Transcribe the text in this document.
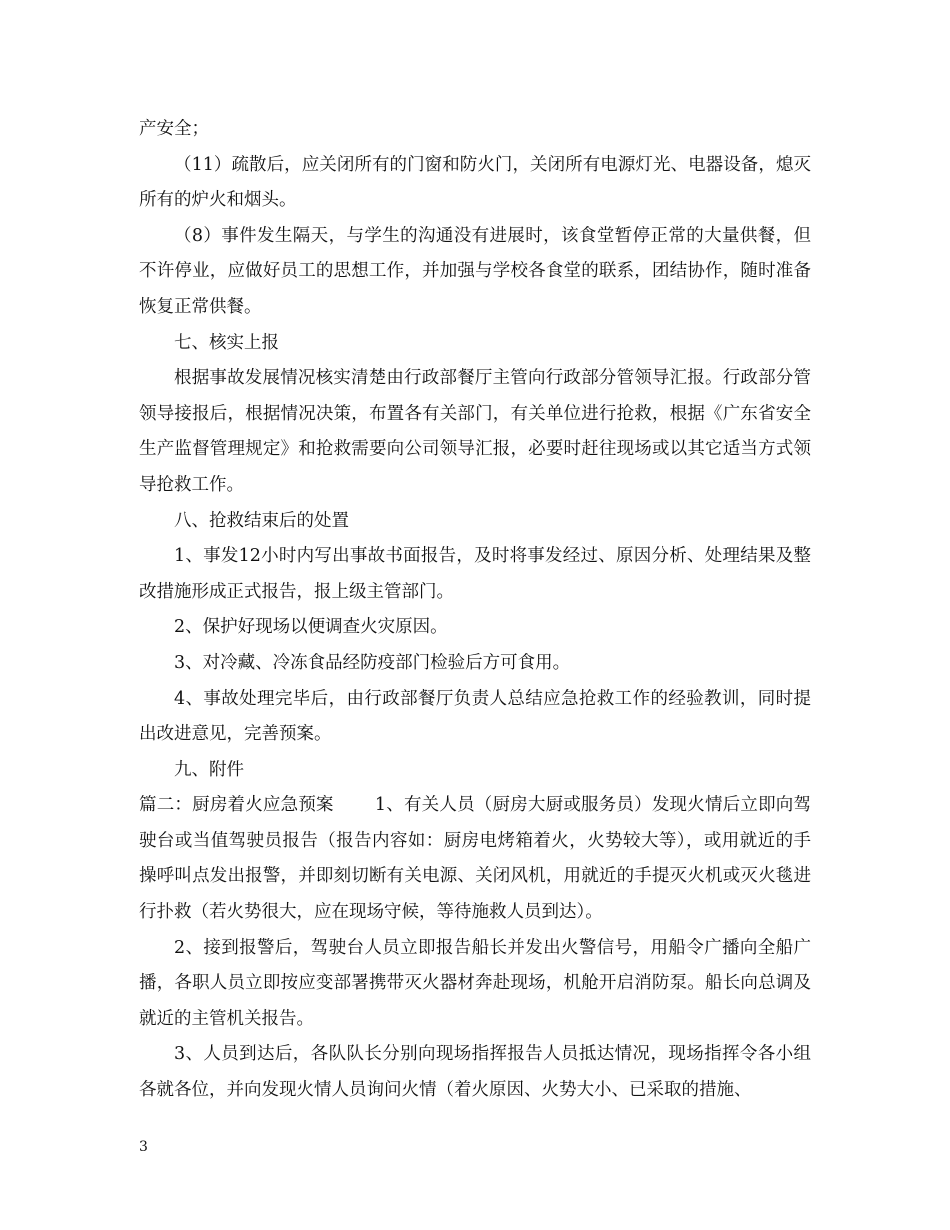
产安全；

（11）疏散后，应关闭所有的门窗和防火门，关闭所有电源灯光、电器设备，熄灭所有的炉火和烟头。

（8）事件发生隔天，与学生的沟通没有进展时，该食堂暂停正常的大量供餐，但不许停业，应做好员工的思想工作，并加强与学校各食堂的联系，团结协作，随时准备恢复正常供餐。

七、核实上报

根据事故发展情况核实清楚由行政部餐厅主管向行政部分管领导汇报。行政部分管领导接报后，根据情况决策，布置各有关部门，有关单位进行抢救，根据《广东省安全生产监督管理规定》和抢救需要向公司领导汇报，必要时赶往现场或以其它适当方式领导抢救工作。

八、抢救结束后的处置

1、事发12小时内写出事故书面报告，及时将事发经过、原因分析、处理结果及整改措施形成正式报告，报上级主管部门。

2、保护好现场以便调查火灾原因。

3、对冷藏、冷冻食品经防疫部门检验后方可食用。

4、事故处理完毕后，由行政部餐厅负责人总结应急抢救工作的经验教训，同时提出改进意见，完善预案。

九、附件

篇二：厨房着火应急预案　　 1、有关人员（厨房大厨或服务员）发现火情后立即向驾驶台或当值驾驶员报告（报告内容如：厨房电烤箱着火，火势较大等），或用就近的手操呼叫点发出报警，并即刻切断有关电源、关闭风机，用就近的手提灭火机或灭火毯进行扑救（若火势很大，应在现场守候，等待施救人员到达）。

2、接到报警后，驾驶台人员立即报告船长并发出火警信号，用船令广播向全船广播，各职人员立即按应变部署携带灭火器材奔赴现场，机舱开启消防泵。船长向总调及就近的主管机关报告。

3、人员到达后，各队队长分别向现场指挥报告人员抵达情况，现场指挥令各小组各就各位，并向发现火情人员询问火情（着火原因、火势大小、已采取的措施、

3
